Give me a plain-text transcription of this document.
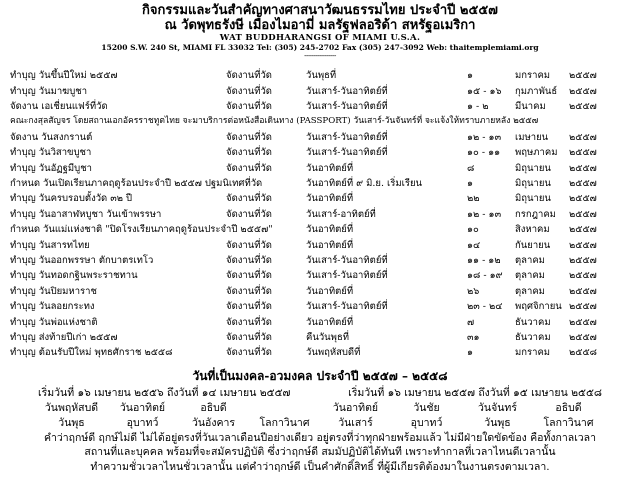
กิจกรรมและวันสำคัญทางศาสนาวัฒนธรรมไทย ประจำปี ๒๕๕๗
ณ วัดพุทธรังษี เมืองไมอามี่ มลรัฐฟลอริด้า สหรัฐอเมริกา
WAT BUDDHARANGSI OF MIAMI U.S.A.
15200 S.W. 240 St, MIAMI FL 33032 Tel: (305) 245-2702 Fax (305) 247-3092 Web: thaitemplemiami.org
-----------------
ทำบุญ วันขึ้นปีใหม่ ๒๕๕๗	จัดงานที่วัด	วันพุธที่	๑	มกราคม	๒๕๕๗
ทำบุญ วันมาฆบูชา	จัดงานที่วัด	วันเสาร์-วันอาทิตย์ที่	๑๕ - ๑๖	กุมภาพันธ์	๒๕๕๗
จัดงาน เอเชี่ยนแฟร์ที่วัด	จัดงานที่วัด	วันเสาร์-วันอาทิตย์ที่	๑ - ๒	มีนาคม	๒๕๕๗
คณะกงสุลสัญจร โดยสถานเอกอัครราชทูตไทย จะมาบริการต่อหนังสือเดินทาง (PASSPORT) วันเสาร์-วันจันทร์ที่ จะแจ้งให้ทราบภายหลัง ๒๕๕๗
จัดงาน วันสงกรานต์	จัดงานที่วัด	วันเสาร์-วันอาทิตย์ที่	๑๒ - ๑๓	เมษายน	๒๕๕๗
ทำบุญ วันวิสาขบูชา	จัดงานที่วัด	วันเสาร์-วันอาทิตย์ที่	๑๐ - ๑๑	พฤษภาคม	๒๕๕๗
ทำบุญ วันอัฏฐมีบูชา	จัดงานที่วัด	วันอาทิตย์ที่	๘	มิถุนายน	๒๕๕๗
กำหนด วันเปิดเรียนภาคฤดูร้อนประจำปี ๒๕๕๗ ปฐมนิเทศที่วัด	วันอาทิตย์ที่ ๙ มิ.ย. เริ่มเรียน	๑	มิถุนายน	๒๕๕๗
ทำบุญ วันครบรอบตั้งวัด ๓๒ ปี	จัดงานที่วัด	วันอาทิตย์ที่	๒๒	มิถุนายน	๒๕๕๗
ทำบุญ วันอาสาฬหบูชา วันเข้าพรรษา	จัดงานที่วัด	วันเสาร์-อาทิตย์ที่	๑๒ - ๑๓	กรกฎาคม	๒๕๕๗
กำหนด วันแม่แห่งชาติ "ปิดโรงเรียนภาคฤดูร้อนประจำปี ๒๕๕๗"	วันอาทิตย์ที่	๑๐	สิงหาคม	๒๕๕๗
ทำบุญ วันสารทไทย	จัดงานที่วัด	วันอาทิตย์ที่	๑๔	กันยายน	๒๕๕๗
ทำบุญ วันออกพรรษา ตักบาตรเทโว	จัดงานที่วัด	วันเสาร์-วันอาทิตย์ที่	๑๑ - ๑๒	ตุลาคม	๒๕๕๗
ทำบุญ วันทอดกฐินพระราชทาน	จัดงานที่วัด	วันเสาร์-วันอาทิตย์ที่	๑๘ - ๑๙	ตุลาคม	๒๕๕๗
ทำบุญ วันปิยมหาราช	จัดงานที่วัด	วันอาทิตย์ที่	๒๖	ตุลาคม	๒๕๕๗
ทำบุญ วันลอยกระทง	จัดงานที่วัด	วันเสาร์-วันอาทิตย์ที่	๒๓ - ๒๔	พฤศจิกายน ๒๕๕๗
ทำบุญ วันพ่อแห่งชาติ	จัดงานที่วัด	วันอาทิตย์ที่	๗	ธันวาคม	๒๕๕๗
ทำบุญ ส่งท้ายปีเก่า ๒๕๕๗	จัดงานที่วัด	คืนวันพุธที่	๓๑	ธันวาคม	๒๕๕๗
ทำบุญ ต้อนรับปีใหม่ พุทธศักราช ๒๕๕๘	จัดงานที่วัด	วันพฤหัสบดีที่	๑	มกราคม	๒๕๕๘
วันที่เป็นมงคล-อวมงคล ประจำปี ๒๕๕๗ – ๒๕๕๘
เริ่มวันที่ ๑๖ เมษายน ๒๕๕๖ ถึงวันที่ ๑๔ เมษายน ๒๕๕๗	เริ่มวันที่ ๑๖ เมษายน ๒๕๕๗ ถึงวันที่ ๑๕ เมษายน ๒๕๕๘
วันพฤหัสบดี	วันอาทิตย์	อธิบดี	วันอาทิตย์	วันชัย	วันจันทร์	อธิบดี
วันพุธ	อุบาทว์	วันอังคาร	โลกาวินาศ	วันเสาร์	อุบาทว์	วันพุธ	โลกาวินาศ
คำว่าฤกษ์ดี ฤกษ์ไม่ดี ไม่ได้อยู่ตรงที่วันเวลาเดือนปีอย่างเดียว อยู่ตรงที่ว่าทุกฝ่ายพร้อมแล้ว ไม่มีฝ่ายใดขัดข้อง คือทั้งกาลเวลา
สถานที่และบุคคล พร้อมที่จะสมัครปฏิบัติ ซึ่งว่าฤกษ์ดี สมมัปฏิบัติได้ทันที เพราะทำกาลที่เวลาไหนดีเวลานั้น
ทำความชั่วเวลาไหนชั่วเวลานั้น แต่คำว่าฤกษ์ดี เป็นคำศักดิ์สิทธิ์ ที่ผู้มีเกียรติต้องมาในงานตรงตามเวลา.
